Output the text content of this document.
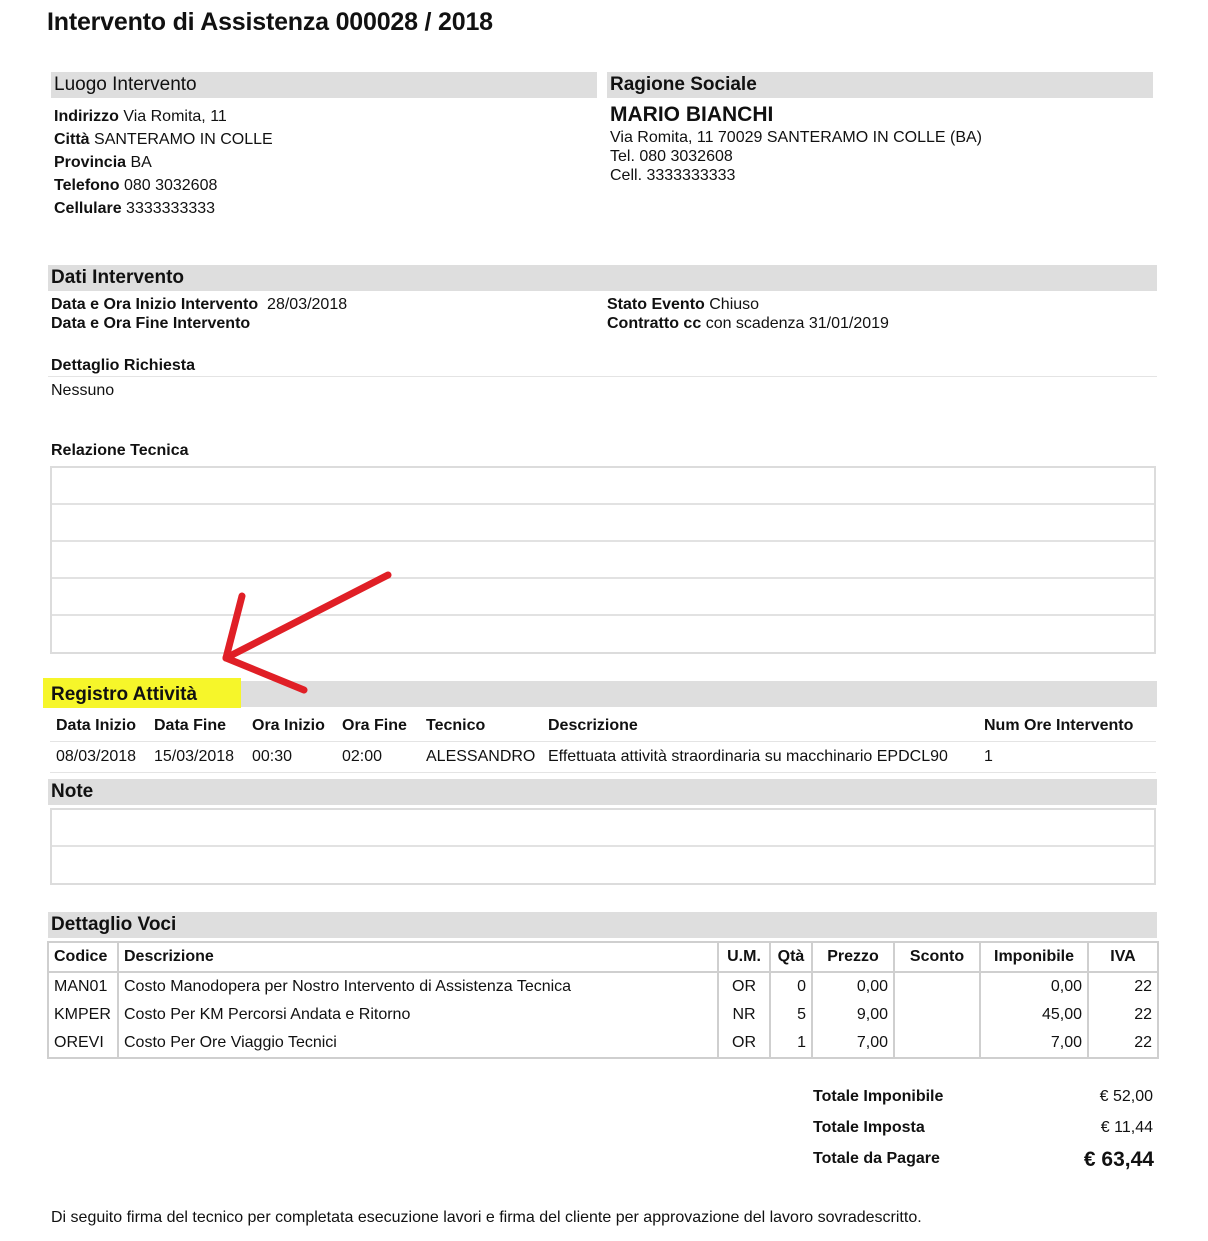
Intervento di Assistenza 000028 / 2018
Luogo Intervento
Indirizzo Via Romita, 11
Città SANTERAMO IN COLLE
Provincia BA
Telefono 080 3032608
Cellulare 3333333333
Ragione Sociale
MARIO BIANCHI
Via Romita, 11 70029 SANTERAMO IN COLLE (BA)
Tel. 080 3032608
Cell. 3333333333
Dati Intervento
Data e Ora Inizio Intervento 28/03/2018
Data e Ora Fine Intervento
Stato Evento Chiuso
Contratto cc con scadenza 31/01/2019
Dettaglio Richiesta
Nessuno
Relazione Tecnica
Registro Attività
Data Inizio	Data Fine	Ora Inizio	Ora Fine	Tecnico	Descrizione	Num Ore Intervento
08/03/2018	15/03/2018	00:30	02:00	ALESSANDRO	Effettuata attività straordinaria su macchinario EPDCL90	1
Note
Dettaglio Voci
Codice	Descrizione	U.M.	Qtà	Prezzo	Sconto	Imponibile	IVA
MAN01	Costo Manodopera per Nostro Intervento di Assistenza Tecnica	OR	0	0,00		0,00	22
KMPER	Costo Per KM Percorsi Andata e Ritorno	NR	5	9,00		45,00	22
OREVI	Costo Per Ore Viaggio Tecnici	OR	1	7,00		7,00	22
Totale Imponibile	€ 52,00
Totale Imposta	€ 11,44
Totale da Pagare	€ 63,44
Di seguito firma del tecnico per completata esecuzione lavori e firma del cliente per approvazione del lavoro sovradescritto.
